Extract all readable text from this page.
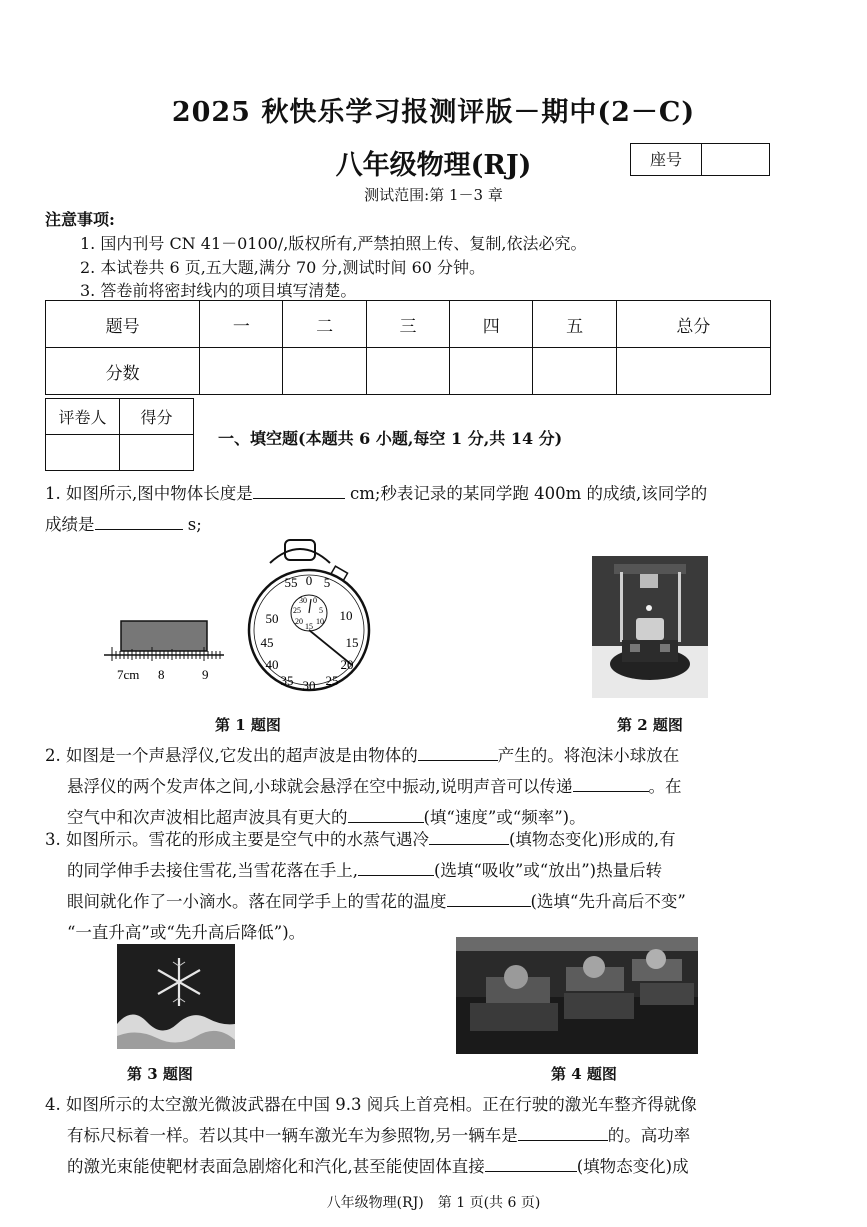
2025 秋快乐学习报测评版－期中(2－C)
八年级物理(RJ)	座号
测试范围:第 1－3 章
注意事项:
1. 国内刊号 CN 41－0100/,版权所有,严禁拍照上传、复制,依法必究。
2. 本试卷共 6 页,五大题,满分 70 分,测试时间 60 分钟。
3. 答卷前将密封线内的项目填写清楚。
题号	一	二	三	四	五	总分
分数						
评卷人	得分

一、填空题(本题共 6 小题,每空 1 分,共 14 分)
1. 如图所示,图中物体长度是	cm;秒表记录的某同学跑 400m 的成绩,该同学的
成绩是	s;
7cm 8	9
55 0 5
10
15
20
25
30
35
40
45
50
30 0
25 5
20 10
15
第 1 题图	第 2 题图
2. 如图是一个声悬浮仪,它发出的超声波是由物体的	产生的。将泡沫小球放在
悬浮仪的两个发声体之间,小球就会悬浮在空中振动,说明声音可以传递	。在
空气中和次声波相比超声波具有更大的	(填“速度”或“频率”)。
3. 如图所示。雪花的形成主要是空气中的水蒸气遇冷	(填物态变化)形成的,有
的同学伸手去接住雪花,当雪花落在手上,	(选填“吸收”或“放出”)热量后转
眼间就化作了一小滴水。落在同学手上的雪花的温度	(选填“先升高后不变”
“一直升高”或“先升高后降低”)。
第 3 题图	第 4 题图
4. 如图所示的太空激光微波武器在中国 9.3 阅兵上首亮相。正在行驶的激光车整齐得就像
有标尺标着一样。若以其中一辆车激光车为参照物,另一辆车是	的。高功率
的激光束能使靶材表面急剧熔化和汽化,甚至能使固体直接	(填物态变化)成
八年级物理(RJ)　第 1 页(共 6 页)
